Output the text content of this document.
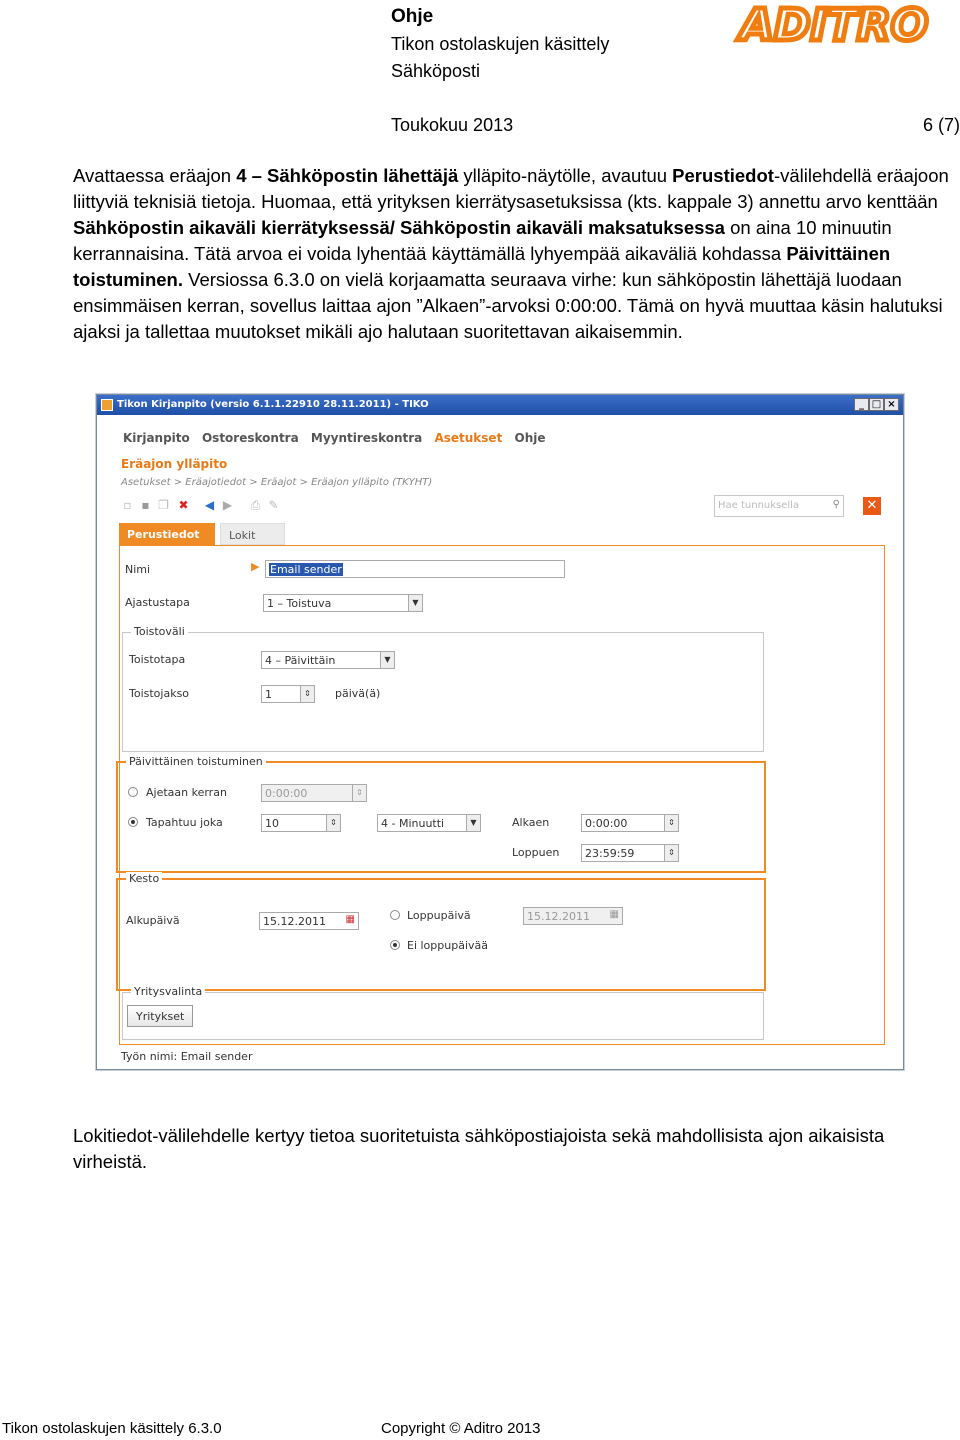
Ohje
Tikon ostolaskujen käsittely
Sähköposti
Toukokuu 2013	6 (7)
ADITRO
Avattaessa eräajon 4 – Sähköpostin lähettäjä ylläpito-näytölle, avautuu Perustiedot-välilehdellä eräajoon liittyviä teknisiä tietoja. Huomaa, että yrityksen kierrätysasetuksissa (kts. kappale 3) annettu arvo kenttään Sähköpostin aikaväli kierrätyksessä/ Sähköpostin aikaväli maksatuksessa on aina 10 minuutin kerrannaisina. Tätä arvoa ei voida lyhentää käyttämällä lyhyempää aikaväliä kohdassa Päivittäinen toistuminen. Versiossa 6.3.0 on vielä korjaamatta seuraava virhe: kun sähköpostin lähettäjä luodaan ensimmäisen kerran, sovellus laittaa ajon ”Alkaen”-arvoksi 0:00:00. Tämä on hyvä muuttaa käsin halutuksi ajaksi ja tallettaa muutokset mikäli ajo halutaan suoritettavan aikaisemmin.
Tikon Kirjanpito (versio 6.1.1.22910 28.11.2011) - TIKO	_ □ ×
Kirjanpito Ostoreskontra Myyntireskontra Asetukset Ohje
Eräajon ylläpito
Asetukset > Eräajotiedot > Eräajot > Eräajon ylläpito (TKYHT)
▫ ▪ ❐ ✖ ◀ ▶ ⎙ ✎	Hae tunnuksella	⚲ ✕
Perustiedot	Lokit
Nimi	▶ Email sender
Ajastustapa	1 – Toistuva	▼
Toistoväli
Toistotapa	4 – Päivittäin	▼
Toistojakso	1	⇕ päivä(ä)
Päivittäinen toistuminen
Ajetaan kerran	0:00:00	⇕
Tapahtuu joka	10	⇕	4 - Minuutti	▼	Alkaen	0:00:00	⇕
Loppuen	23:59:59	⇕
Kesto
Alkupäivä	15.12.2011 ▦	Loppupäivä	15.12.2011 ▦
Ei loppupäivää
Yritysvalinta
Yritykset
Työn nimi: Email sender
Lokitiedot-välilehdelle kertyy tietoa suoritetuista sähköpostiajoista sekä mahdollisista ajon aikaisista virheistä.
Tikon ostolaskujen käsittely 6.3.0	Copyright © Aditro 2013
